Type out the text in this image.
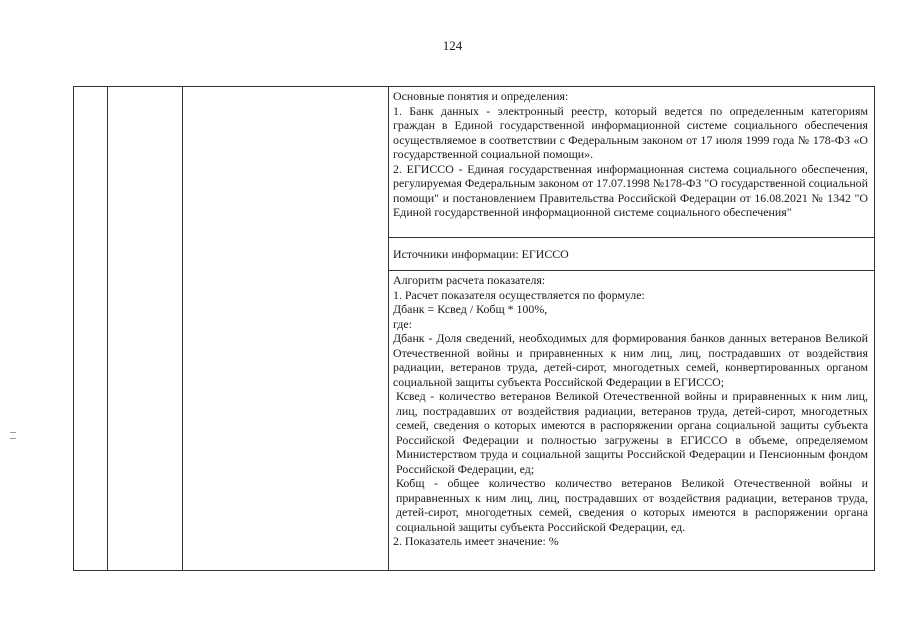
124

Основные понятия и определения:
1. Банк данных - электронный реестр, который ведется по определенным категориям граждан в Единой государственной информационной системе социального обеспечения осуществляемое в соответствии с Федеральным законом от 17 июля 1999 года № 178-ФЗ «О государственной социальной помощи».
2. ЕГИССО - Единая государственная информационная система социального обеспечения, регулируемая Федеральным законом от 17.07.1998 №178-ФЗ "О государственной социальной помощи" и постановлением Правительства Российской Федерации от 16.08.2021 № 1342 "О Единой государственной информационной системе социального обеспечения"

Источники информации: ЕГИССО

Алгоритм расчета показателя:
1. Расчет показателя осуществляется по формуле:
Дбанк = Ксвед / Кобщ * 100%,
где:
Дбанк - Доля сведений, необходимых для формирования банков данных ветеранов Великой Отечественной войны и приравненных к ним лиц, лиц, пострадавших от воздействия радиации, ветеранов труда, детей-сирот, многодетных семей, конвертированных органом социальной защиты субъекта Российской Федерации в ЕГИССО;
Ксвед - количество ветеранов Великой Отечественной войны и приравненных к ним лиц, лиц, пострадавших от воздействия радиации, ветеранов труда, детей-сирот, многодетных семей, сведения о которых имеются в распоряжении органа социальной защиты субъекта Российской Федерации и полностью загружены в ЕГИССО в объеме, определяемом Министерством труда и социальной защиты Российской Федерации и Пенсионным фондом Российской Федерации, ед;
Кобщ - общее количество количество ветеранов Великой Отечественной войны и приравненных к ним лиц, лиц, пострадавших от воздействия радиации, ветеранов труда, детей-сирот, многодетных семей, сведения о которых имеются в распоряжении органа социальной защиты субъекта Российской Федерации, ед.
2. Показатель имеет значение: %
